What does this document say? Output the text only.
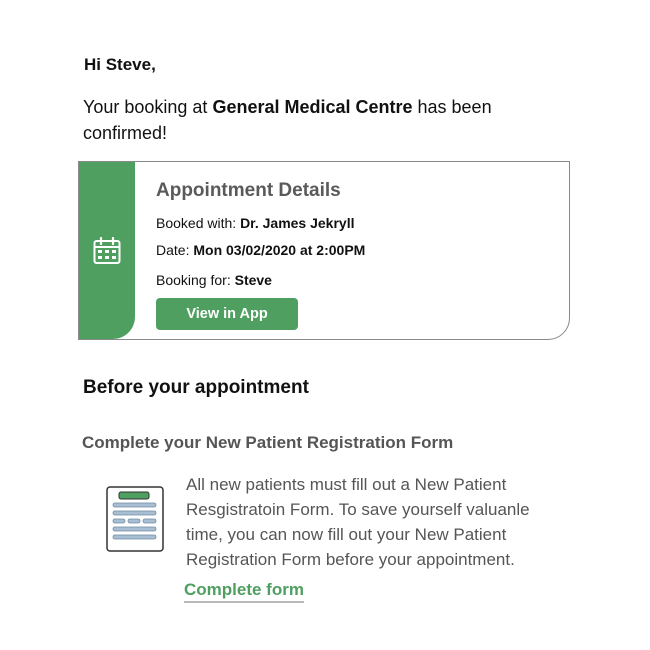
Hi Steve,
Your booking at General Medical Centre has been confirmed!
Appointment Details
Booked with: Dr. James Jekryll
Date: Mon 03/02/2020 at 2:00PM
Booking for: Steve
View in App
Before your appointment
Complete your New Patient Registration Form
All new patients must fill out a New Patient Resgistratoin Form. To save yourself valuanle time, you can now fill out your New Patient Registration Form before your appointment.
Complete form
